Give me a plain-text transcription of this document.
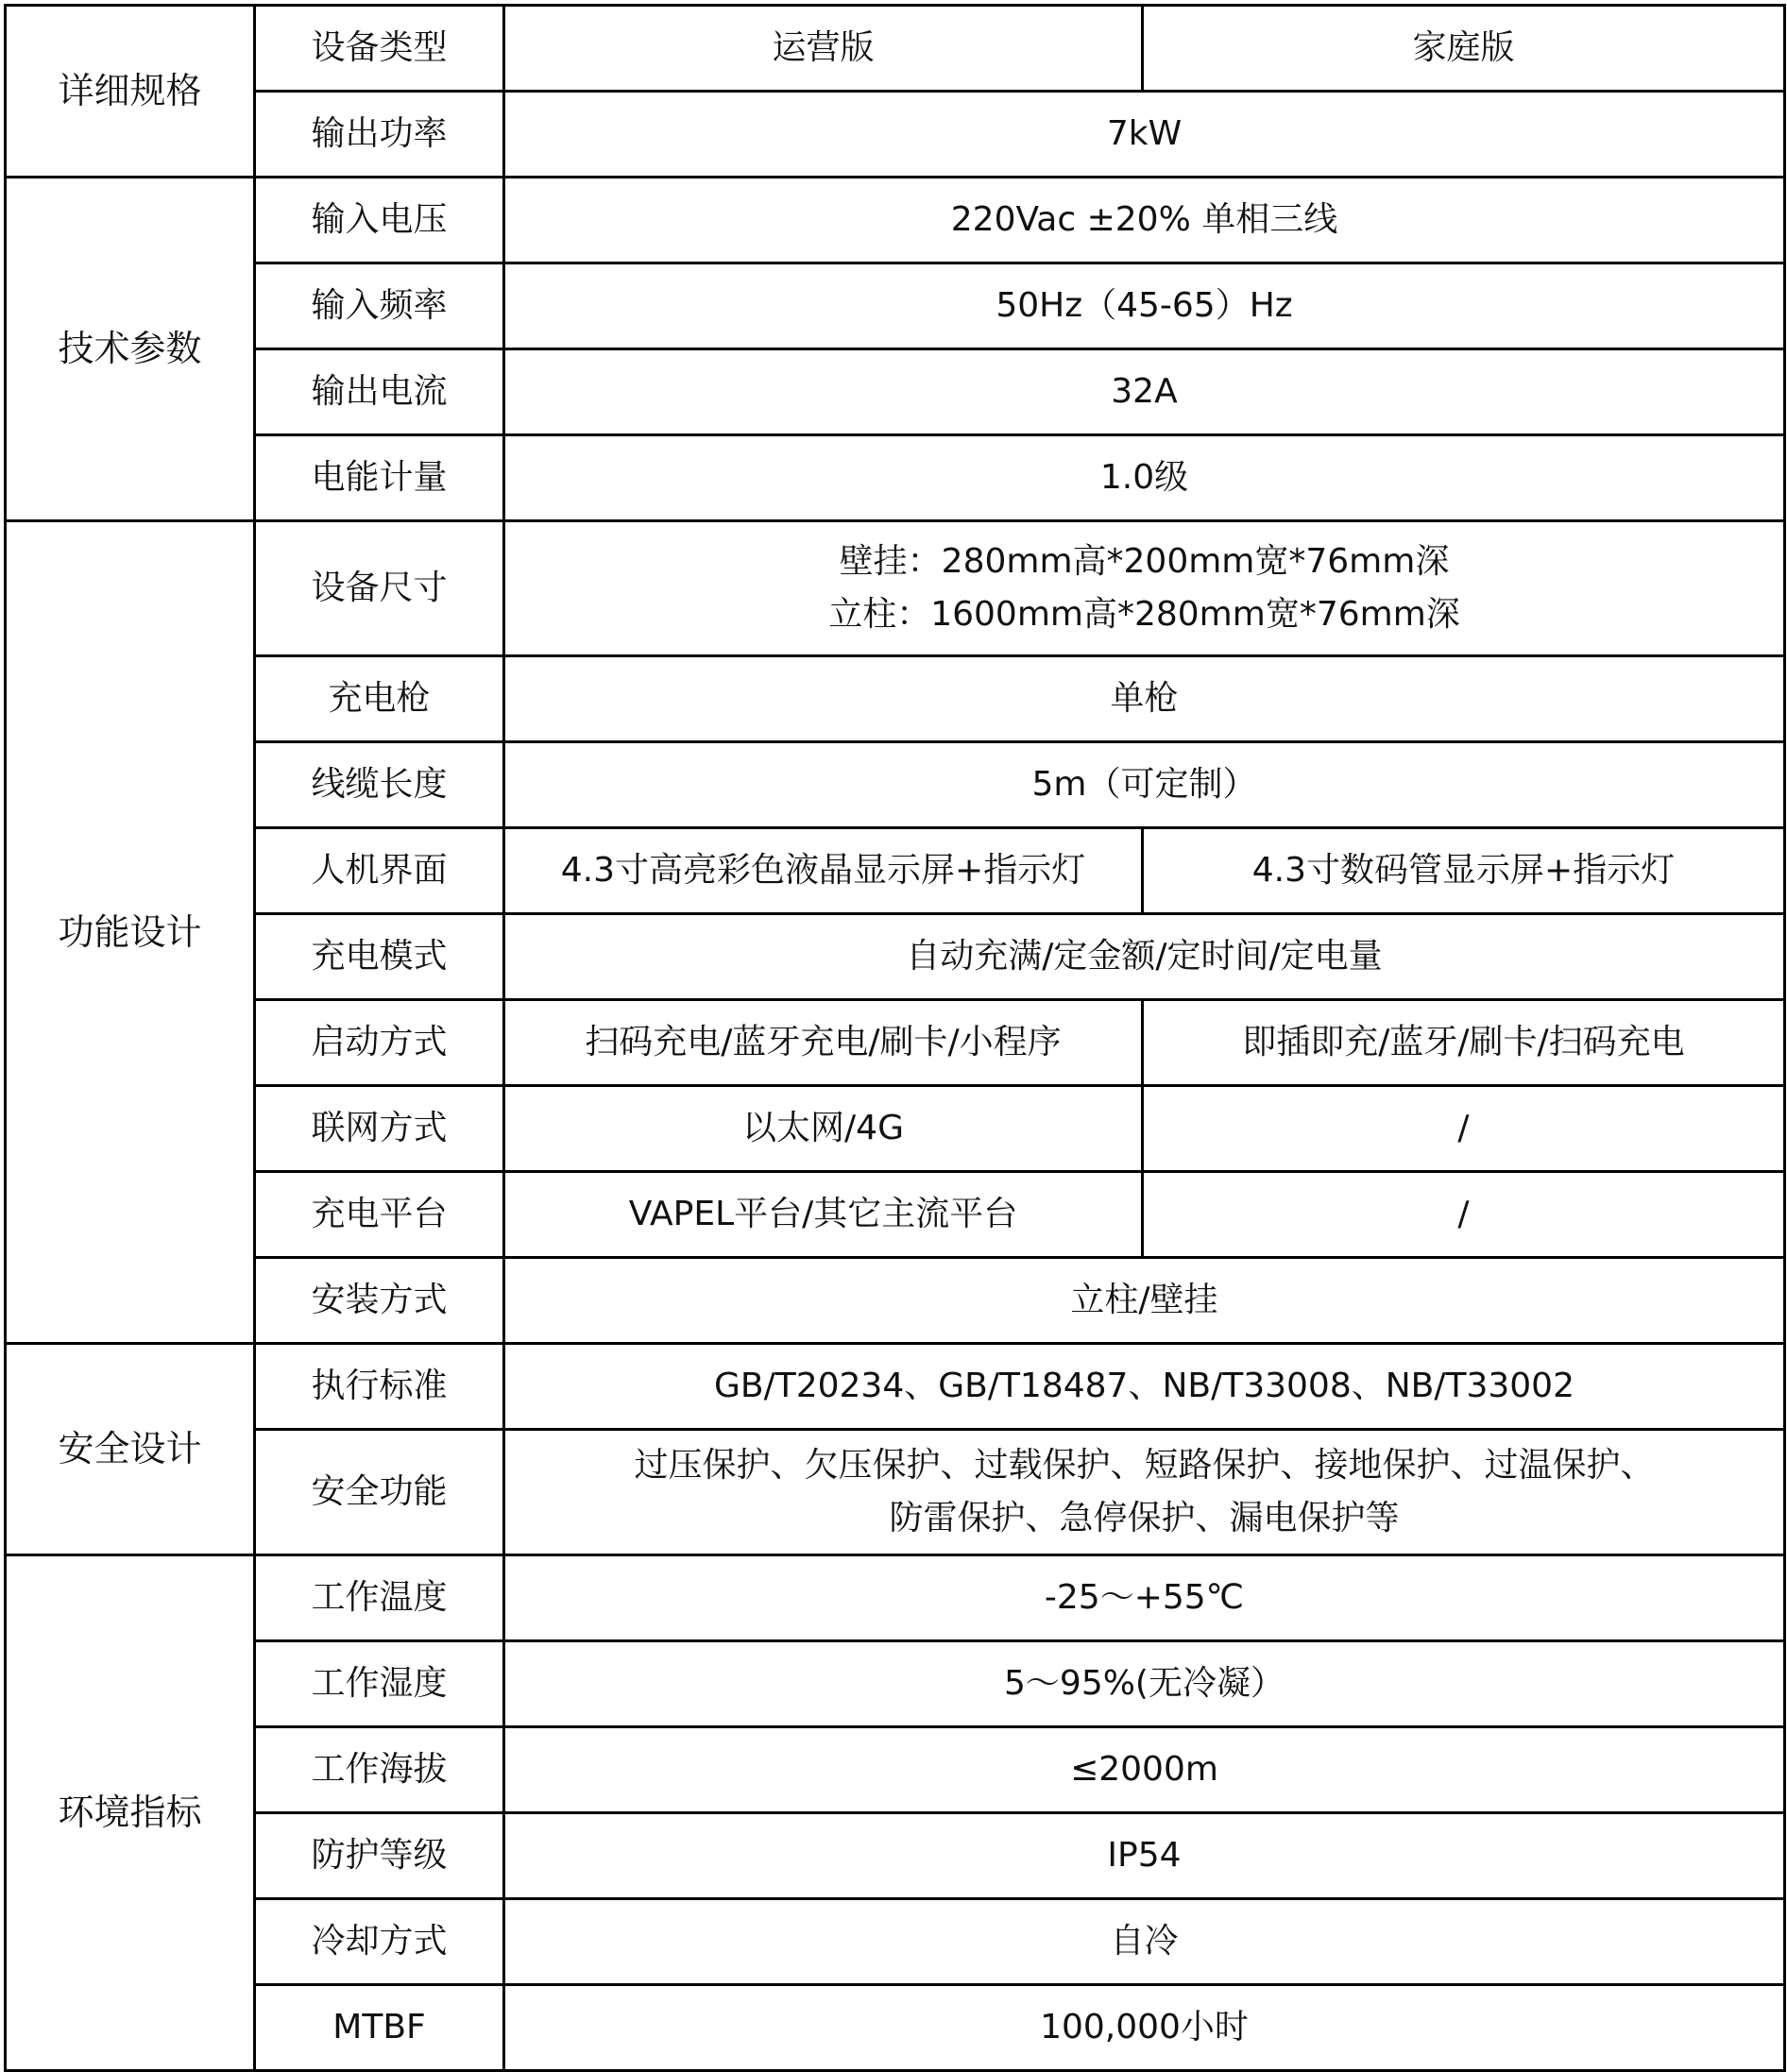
详细规格	设备类型	运营版	家庭版
	输出功率	7kW	
技术参数	输入电压	220Vac ±20% 单相三线	
	输入频率	50Hz（45-65）Hz	
	输出电流	32A	
	电能计量	1.0级	
功能设计	设备尺寸	壁挂：280mm高*200mm宽*76mm深
立柱：1600mm高*280mm宽*76mm深	

	充电枪	单枪	
	线缆长度	5m（可定制）	
	人机界面	4.3寸高亮彩色液晶显示屏+指示灯	4.3寸数码管显示屏+指示灯
	充电模式	自动充满/定金额/定时间/定电量	
	启动方式	扫码充电/蓝牙充电/刷卡/小程序	即插即充/蓝牙/刷卡/扫码充电
	联网方式	以太网/4G	/
	充电平台	VAPEL平台/其它主流平台	/
	安装方式	立柱/壁挂	
安全设计	执行标准	GB/T20234、GB/T18487、NB/T33008、NB/T33002	
	安全功能	过压保护、欠压保护、过载保护、短路保护、接地保护、过温保护、
防雷保护、急停保护、漏电保护等	

环境指标	工作温度	-25～+55℃	
	工作湿度	5～95%(无冷凝）	
	工作海拔	≤2000m	
	防护等级	IP54	
	冷却方式	自冷	
	MTBF	100,000小时	
